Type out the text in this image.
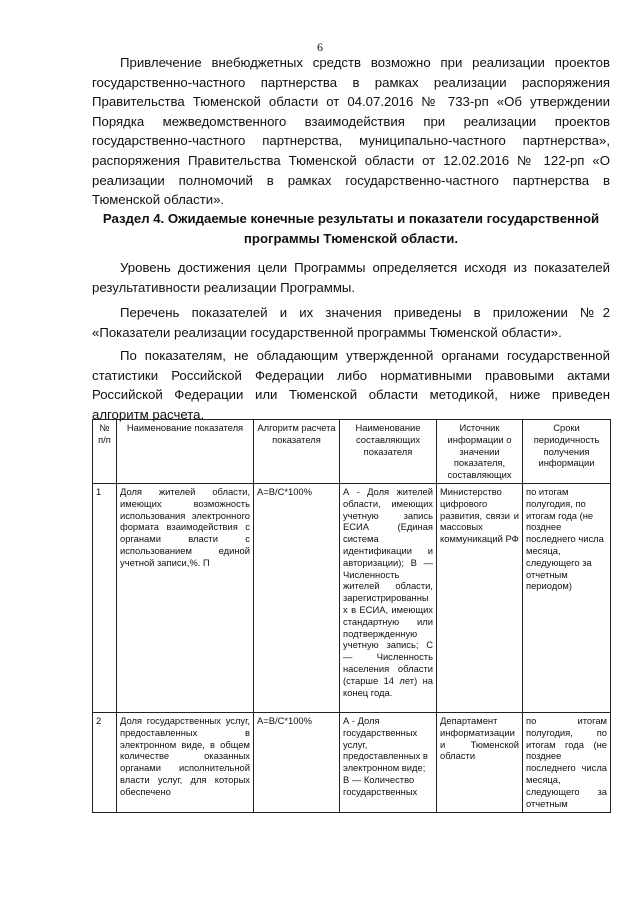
6

Привлечение внебюджетных средств возможно при реализации проектов государственно-частного партнерства в рамках реализации распоряжения Правительства Тюменской области от 04.07.2016 № 733-рп «Об утверждении Порядка межведомственного взаимодействия при реализации проектов государственно-частного партнерства, муниципально-частного партнерства», распоряжения Правительства Тюменской области от 12.02.2016 № 122-рп «О реализации полномочий в рамках государственно-частного партнерства в Тюменской области».

Раздел 4. Ожидаемые конечные результаты и показатели государственной программы Тюменской области.

Уровень достижения цели Программы определяется исходя из показателей результативности реализации Программы.

Перечень показателей и их значения приведены в приложении №2 «Показатели реализации государственной программы Тюменской области».

По показателям, не обладающим утвержденной органами государственной статистики Российской Федерации либо нормативными правовыми актами Российской Федерации или Тюменской области методикой, ниже приведен алгоритм расчета.

№ п/п	Наименование показателя	Алгоритм расчета показателя	Наименование составляющих показателя	Источник информации о значении показателя, составляющих	Сроки периодичность получения информации
1	Доля жителей области, имеющих возможность использования электронного формата взаимодействия с органами власти с использованием единой учетной записи,%. П	А=В/С*100%	А - Доля жителей области, имеющих учетную запись ЕСИА (Единая система идентификации и авторизации); В — Численность жителей области, зарегистрированных в ЕСИА, имеющих стандартную или подтвержденную учетную запись; С — Численность населения области (старше 14 лет) на конец года.	Министерство цифрового развития, связи и массовых коммуникаций РФ	по итогам полугодия, по итогам года (не позднее последнего числа месяца, следующего за отчетным периодом)
2	Доля государственных услуг, предоставленных в электронном виде, в общем количестве оказанных органами исполнительной власти услуг, для которых обеспечено	А=В/С*100%	А - Доля государственных услуг, предоставленных в электронном виде; В — Количество государственных	Департамент информатизации и Тюменской области	по итогам полугодия, по итогам года (не позднее последнего числа месяца, следующего за отчетным
